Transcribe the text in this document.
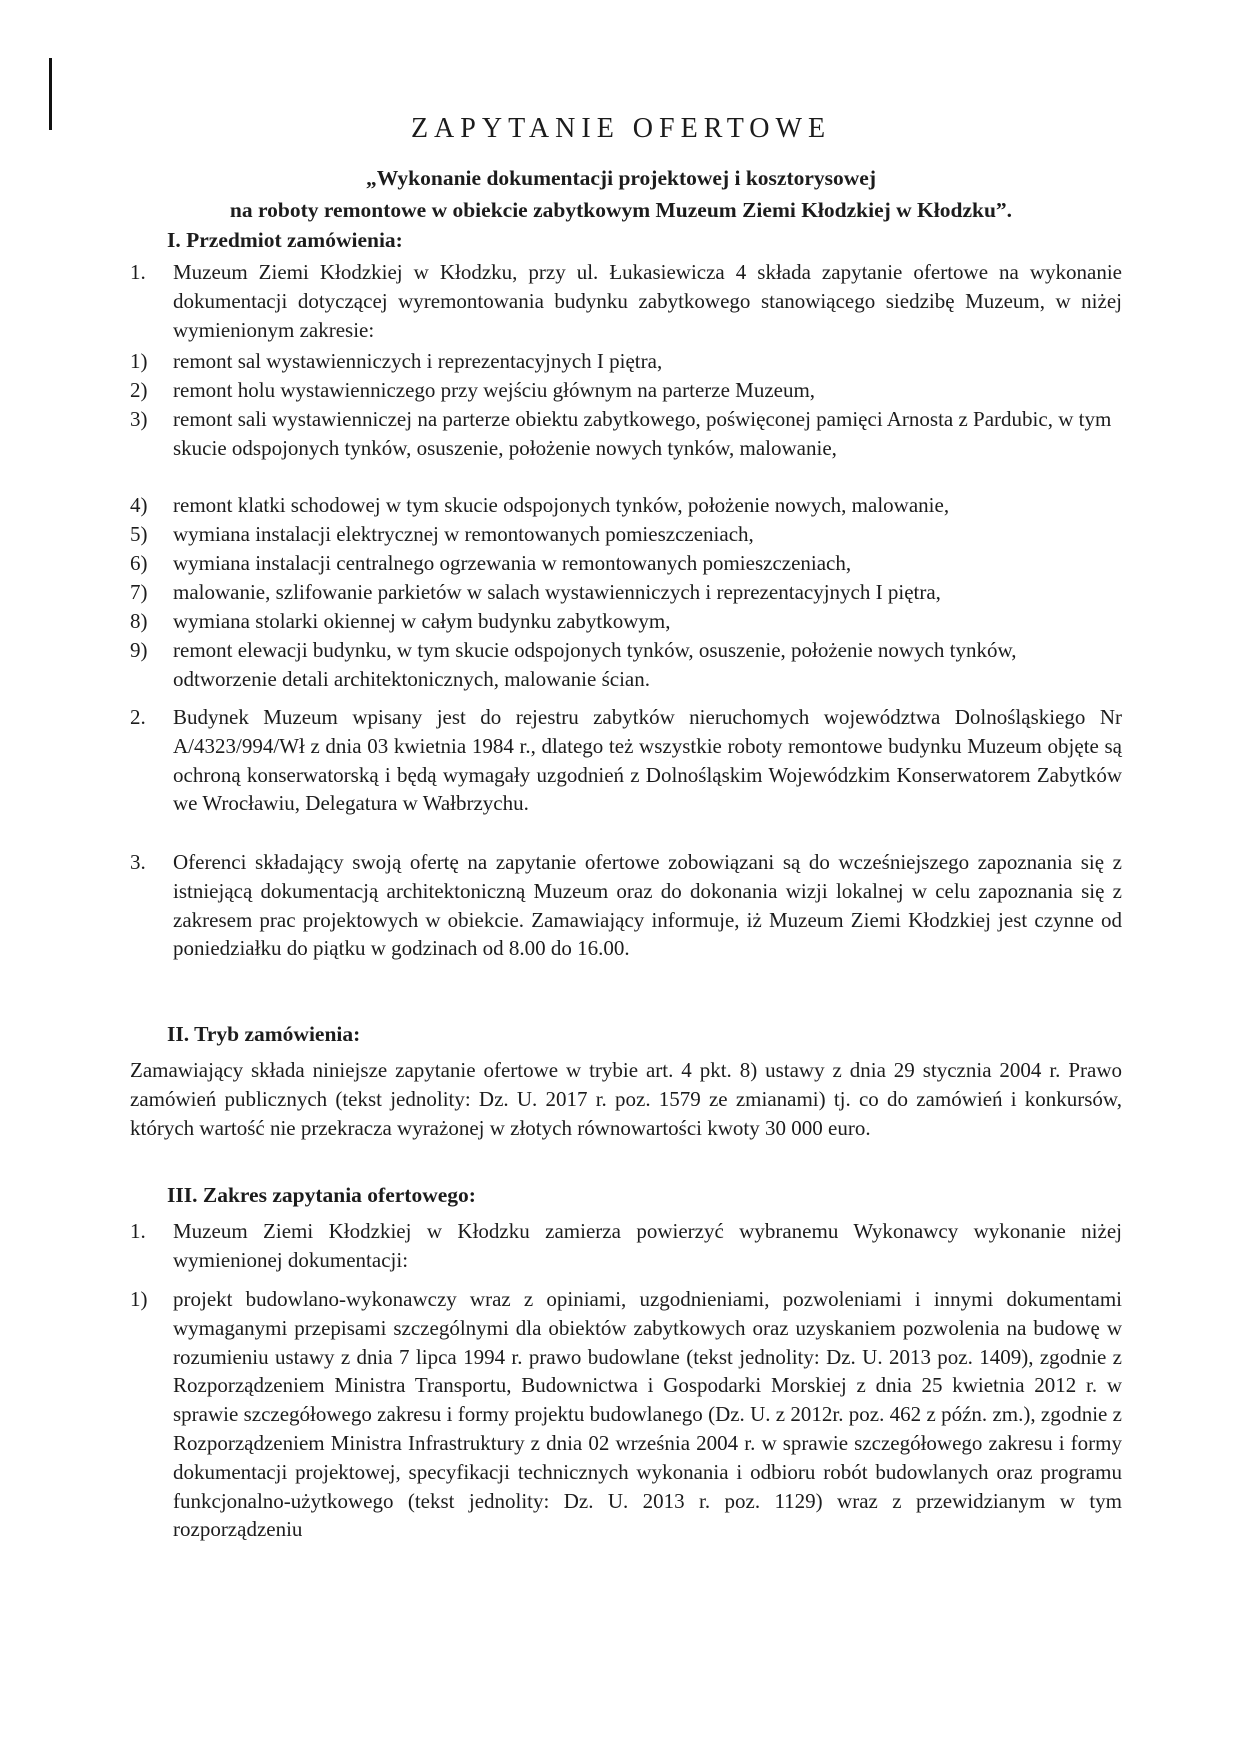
ZAPYTANIE OFERTOWE
„Wykonanie dokumentacji projektowej i kosztorysowej
na roboty remontowe w obiekcie zabytkowym Muzeum Ziemi Kłodzkiej w Kłodzku”.
I. Przedmiot zamówienia:
1. Muzeum Ziemi Kłodzkiej w Kłodzku, przy ul. Łukasiewicza 4 składa zapytanie ofertowe na wykonanie dokumentacji dotyczącej wyremontowania budynku zabytkowego stanowiącego siedzibę Muzeum, w niżej wymienionym zakresie:
1) remont sal wystawienniczych i reprezentacyjnych I piętra,
2) remont holu wystawienniczego przy wejściu głównym na parterze Muzeum,
3) remont sali wystawienniczej na parterze obiektu zabytkowego, poświęconej pamięci Arnosta z Pardubic, w tym skucie odspojonych tynków, osuszenie, położenie nowych tynków, malowanie,
4) remont klatki schodowej w tym skucie odspojonych tynków, położenie nowych, malowanie,
5) wymiana instalacji elektrycznej w remontowanych pomieszczeniach,
6) wymiana instalacji centralnego ogrzewania w remontowanych pomieszczeniach,
7) malowanie, szlifowanie parkietów w salach wystawienniczych i reprezentacyjnych I piętra,
8) wymiana stolarki okiennej w całym budynku zabytkowym,
9) remont elewacji budynku, w tym skucie odspojonych tynków, osuszenie, położenie nowych tynków, odtworzenie detali architektonicznych, malowanie ścian.
2. Budynek Muzeum wpisany jest do rejestru zabytków nieruchomych województwa Dolnośląskiego Nr A/4323/994/Wł z dnia 03 kwietnia 1984 r., dlatego też wszystkie roboty remontowe budynku Muzeum objęte są ochroną konserwatorską i będą wymagały uzgodnień z Dolnośląskim Wojewódzkim Konserwatorem Zabytków we Wrocławiu, Delegatura w Wałbrzychu.
3. Oferenci składający swoją ofertę na zapytanie ofertowe zobowiązani są do wcześniejszego zapoznania się z istniejącą dokumentacją architektoniczną Muzeum oraz do dokonania wizji lokalnej w celu zapoznania się z zakresem prac projektowych w obiekcie. Zamawiający informuje, iż Muzeum Ziemi Kłodzkiej jest czynne od poniedziałku do piątku w godzinach od 8.00 do 16.00.
II. Tryb zamówienia:
Zamawiający składa niniejsze zapytanie ofertowe w trybie art. 4 pkt. 8) ustawy z dnia 29 stycznia 2004 r. Prawo zamówień publicznych (tekst jednolity: Dz. U. 2017 r. poz. 1579 ze zmianami) tj. co do zamówień i konkursów, których wartość nie przekracza wyrażonej w złotych równowartości kwoty 30 000 euro.
III. Zakres zapytania ofertowego:
1. Muzeum Ziemi Kłodzkiej w Kłodzku zamierza powierzyć wybranemu Wykonawcy wykonanie niżej wymienionej dokumentacji:
1) projekt budowlano-wykonawczy wraz z opiniami, uzgodnieniami, pozwoleniami i innymi dokumentami wymaganymi przepisami szczególnymi dla obiektów zabytkowych oraz uzyskaniem pozwolenia na budowę w rozumieniu ustawy z dnia 7 lipca 1994 r. prawo budowlane (tekst jednolity: Dz. U. 2013 poz. 1409), zgodnie z Rozporządzeniem Ministra Transportu, Budownictwa i Gospodarki Morskiej z dnia 25 kwietnia 2012 r. w sprawie szczegółowego zakresu i formy projektu budowlanego (Dz. U. z 2012r. poz. 462 z późn. zm.), zgodnie z Rozporządzeniem Ministra Infrastruktury z dnia 02 września 2004 r. w sprawie szczegółowego zakresu i formy dokumentacji projektowej, specyfikacji technicznych wykonania i odbioru robót budowlanych oraz programu funkcjonalno-użytkowego (tekst jednolity: Dz. U. 2013 r. poz. 1129) wraz z przewidzianym w tym rozporządzeniu
